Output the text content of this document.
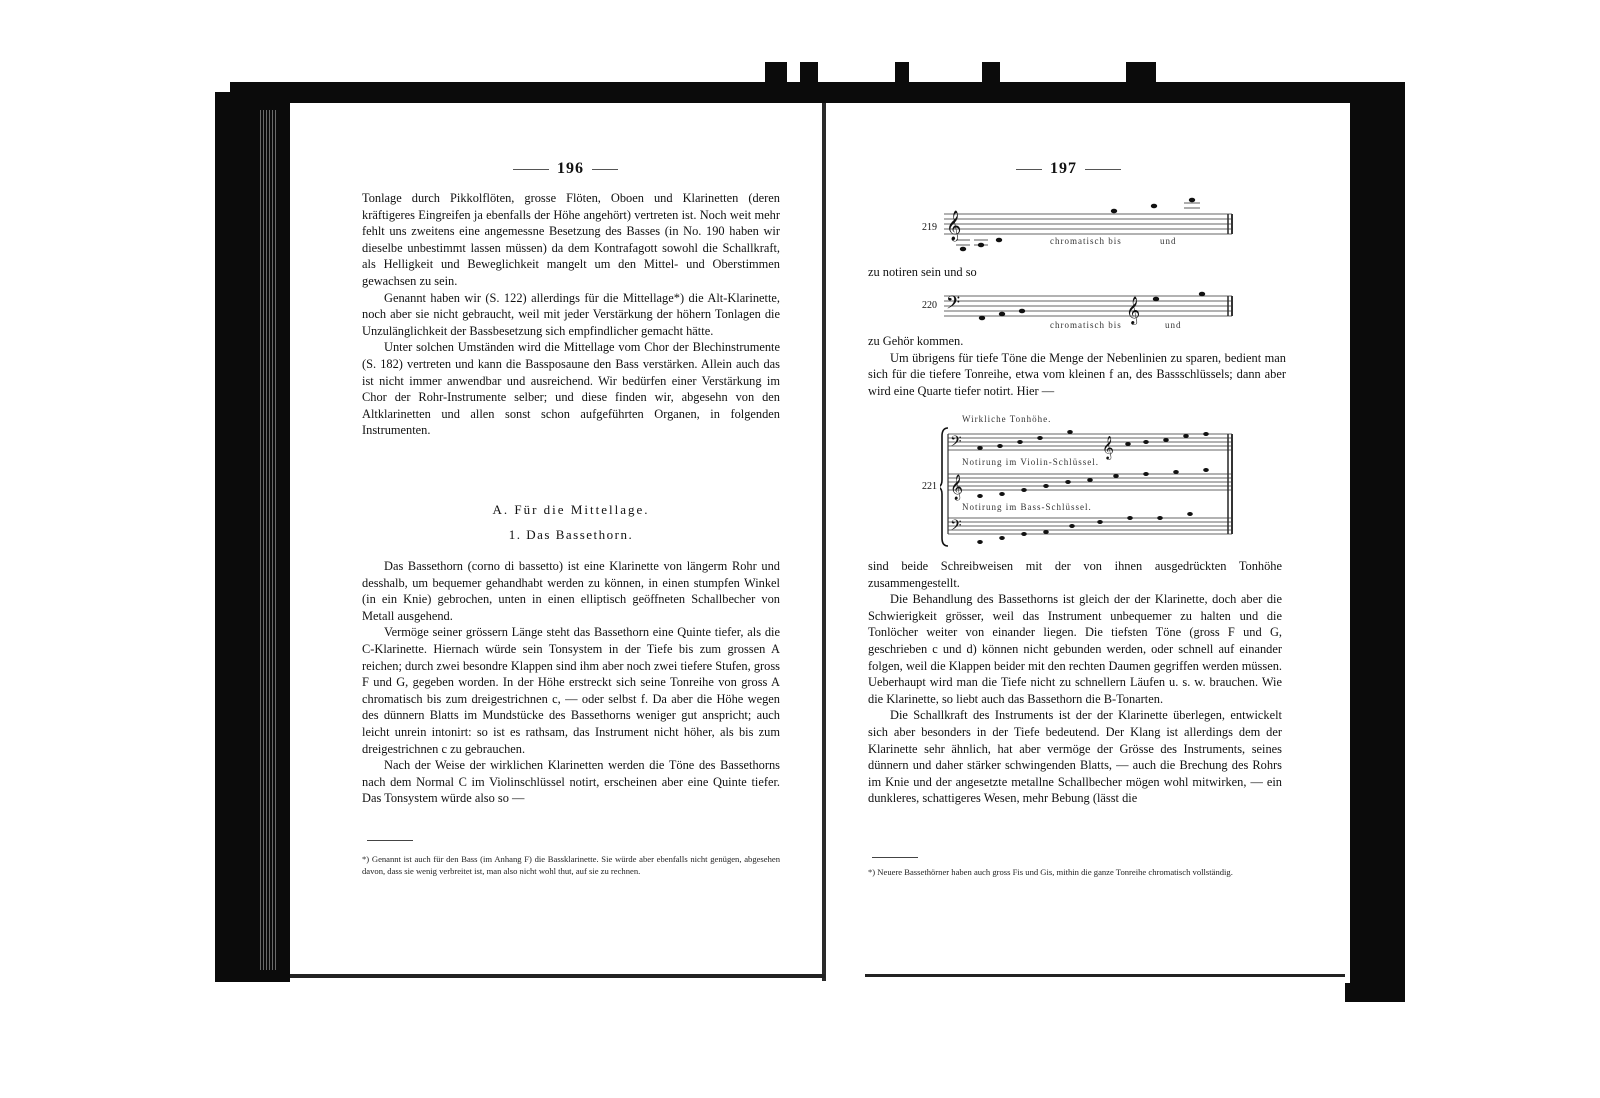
196

Tonlage durch Pikkolflöten, grosse Flöten, Oboen und Klarinetten (deren kräftigeres Eingreifen ja ebenfalls der Höhe angehört) vertreten ist. Noch weit mehr fehlt uns zweitens eine angemessne Besetzung des Basses (in No. 190 haben wir dieselbe unbestimmt lassen müssen) da dem Kontrafagott sowohl die Schallkraft, als Helligkeit und Beweglichkeit mangelt um den Mittel- und Oberstimmen gewachsen zu sein.

Genannt haben wir (S. 122) allerdings für die Mittellage*) die Alt-Klarinette, noch aber sie nicht gebraucht, weil mit jeder Verstärkung der höhern Tonlagen die Unzulänglichkeit der Bassbesetzung sich empfindlicher gemacht hätte.

Unter solchen Umständen wird die Mittellage vom Chor der Blechinstrumente (S. 182) vertreten und kann die Bassposaune den Bass verstärken. Allein auch das ist nicht immer anwendbar und ausreichend. Wir bedürfen einer Verstärkung im Chor der Rohr-Instrumente selber; und diese finden wir, abgesehn von den Altklarinetten und allen sonst schon aufgeführten Organen, in folgenden Instrumenten.

A. Für die Mittellage.

1. Das Bassethorn.

Das Bassethorn (corno di bassetto) ist eine Klarinette von längerm Rohr und desshalb, um bequemer gehandhabt werden zu können, in einen stumpfen Winkel (in ein Knie) gebrochen, unten in einen elliptisch geöffneten Schallbecher von Metall ausgehend.

Vermöge seiner grössern Länge steht das Bassethorn eine Quinte tiefer, als die C-Klarinette. Hiernach würde sein Tonsystem in der Tiefe bis zum grossen A reichen; durch zwei besondre Klappen sind ihm aber noch zwei tiefere Stufen, gross F und G, gegeben worden. In der Höhe erstreckt sich seine Tonreihe von gross A chromatisch bis zum dreigestrichnen c, — oder selbst f. Da aber die Höhe wegen des dünnern Blatts im Mundstücke des Bassethorns weniger gut anspricht; auch leicht unrein intonirt: so ist es rathsam, das Instrument nicht höher, als bis zum dreigestrichnen c zu gebrauchen.

Nach der Weise der wirklichen Klarinetten werden die Töne des Bassethorns nach dem Normal C im Violinschlüssel notirt, erscheinen aber eine Quinte tiefer. Das Tonsystem würde also so —

*) Genannt ist auch für den Bass (im Anhang F) die Bassklarinette. Sie würde aber ebenfalls nicht genügen, abgesehen davon, dass sie wenig verbreitet ist, man also nicht wohl thut, auf sie zu rechnen.
197
219 𝄞	chromatisch bis	und

zu notiren sein und so

220 𝄢	𝄞
chromatisch bis	und

zu Gehör kommen.

Um übrigens für tiefe Töne die Menge der Nebenlinien zu sparen, bedient man sich für die tiefere Tonreihe, etwa vom kleinen f an, des Bassschlüssels; dann aber wird eine Quarte tiefer notirt. Hier —

221
𝄢	𝄞
𝄞
𝄢
Wirkliche Tonhöhe.
Notirung im Violin-Schlüssel.
Notirung im Bass-Schlüssel.

sind beide Schreibweisen mit der von ihnen ausgedrückten Tonhöhe zusammengestellt.

Die Behandlung des Bassethorns ist gleich der der Klarinette, doch aber die Schwierigkeit grösser, weil das Instrument unbequemer zu halten und die Tonlöcher weiter von einander liegen. Die tiefsten Töne (gross F und G, geschrieben c und d) können nicht gebunden werden, oder schnell auf einander folgen, weil die Klappen beider mit den rechten Daumen gegriffen werden müssen. Ueberhaupt wird man die Tiefe nicht zu schnellern Läufen u. s. w. brauchen. Wie die Klarinette, so liebt auch das Bassethorn die B-Tonarten.

Die Schallkraft des Instruments ist der der Klarinette überlegen, entwickelt sich aber besonders in der Tiefe bedeutend. Der Klang ist allerdings dem der Klarinette sehr ähnlich, hat aber vermöge der Grösse des Instruments, seines dünnern und daher stärker schwingenden Blatts, — auch die Brechung des Rohrs im Knie und der angesetzte metallne Schallbecher mögen wohl mitwirken, — ein dunkleres, schattigeres Wesen, mehr Bebung (lässt die

*) Neuere Bassethörner haben auch gross Fis und Gis, mithin die ganze Tonreihe chromatisch vollständig.
